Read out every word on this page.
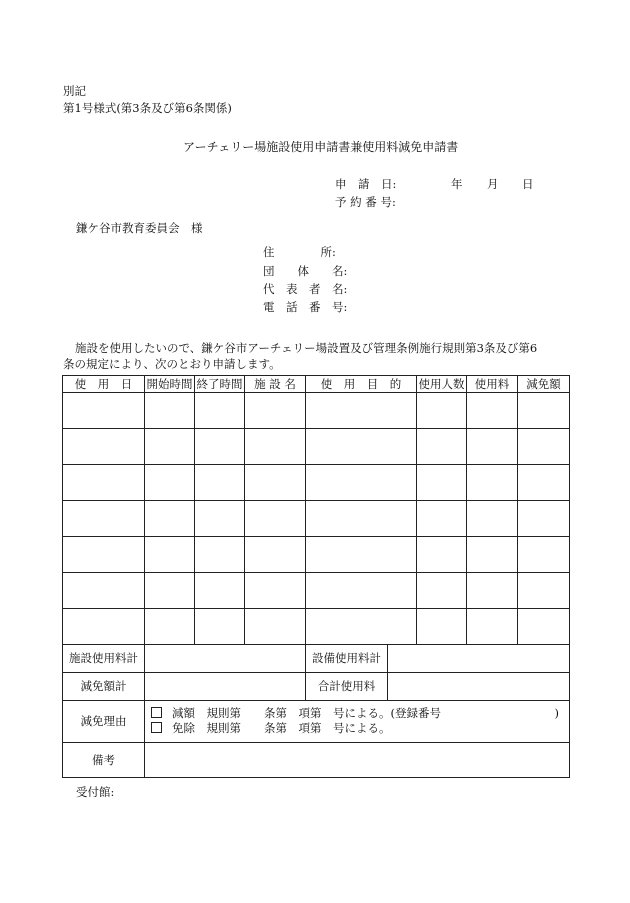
別記
第1号様式(第3条及び第6条関係)
アーチェリー場施設使用申請書兼使用料減免申請書
申　請　日:	年 月 日
予 約 番 号:
鎌ケ谷市教育委員会　様
住　　　　所:
団　　体　　名:
代　表　者　名:
電　話　番　号:
施設を使用したいので、鎌ケ谷市アーチェリー場設置及び管理条例施行規則第3条及び第6
条の規定により、次のとおり申請します。
使　用　日	開始時間	終了時間	施 設 名	使　用　目　的	使用人数	使用料	減免額

施設使用料計		設備使用料計	
減免額計		合計使用料	
減免理由	減額　規則第　　条第　項第　号による。(登録番号 )
免除　規則第　　条第　項第　号による。		

備考			
受付館:
